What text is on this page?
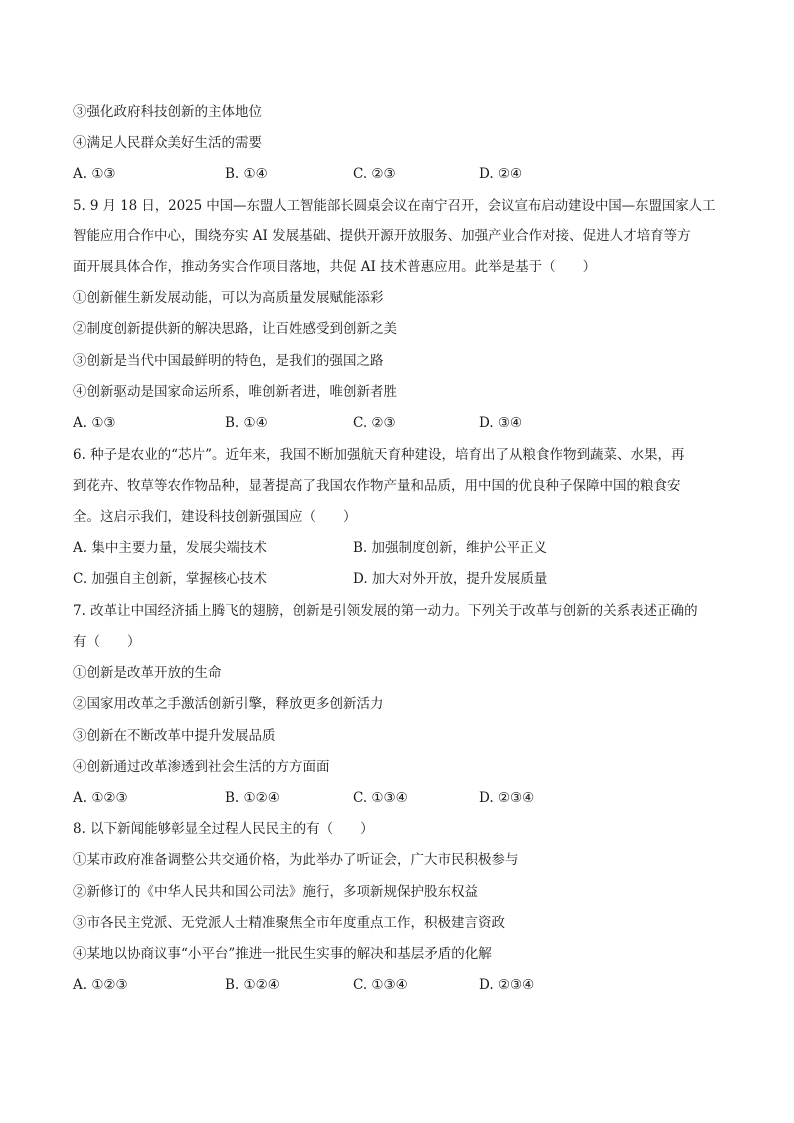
③强化政府科技创新的主体地位
④满足人民群众美好生活的需要
A. ①③	B. ①④	C. ②③	D. ②④
5. 9 月 18 日，2025 中国—东盟人工智能部长圆桌会议在南宁召开，会议宣布启动建设中国—东盟国家人工
智能应用合作中心，围绕夯实 AI 发展基础、提供开源开放服务、加强产业合作对接、促进人才培育等方
面开展具体合作，推动务实合作项目落地，共促 AI 技术普惠应用。此举是基于（　　）
①创新催生新发展动能，可以为高质量发展赋能添彩
②制度创新提供新的解决思路，让百姓感受到创新之美
③创新是当代中国最鲜明的特色，是我们的强国之路
④创新驱动是国家命运所系，唯创新者进，唯创新者胜
A. ①③	B. ①④	C. ②③	D. ③④
6. 种子是农业的“芯片”。近年来，我国不断加强航天育种建设，培育出了从粮食作物到蔬菜、水果，再
到花卉、牧草等农作物品种，显著提高了我国农作物产量和品质，用中国的优良种子保障中国的粮食安
全。这启示我们，建设科技创新强国应（　　）
A. 集中主要力量，发展尖端技术	B. 加强制度创新，维护公平正义
C. 加强自主创新，掌握核心技术	D. 加大对外开放，提升发展质量
7. 改革让中国经济插上腾飞的翅膀，创新是引领发展的第一动力。下列关于改革与创新的关系表述正确的
有（　　）
①创新是改革开放的生命
②国家用改革之手激活创新引擎，释放更多创新活力
③创新在不断改革中提升发展品质
④创新通过改革渗透到社会生活的方方面面
A. ①②③	B. ①②④	C. ①③④	D. ②③④
8. 以下新闻能够彰显全过程人民民主的有（　　）
①某市政府准备调整公共交通价格，为此举办了听证会，广大市民积极参与
②新修订的《中华人民共和国公司法》施行，多项新规保护股东权益
③市各民主党派、无党派人士精准聚焦全市年度重点工作，积极建言资政
④某地以协商议事“小平台”推进一批民生实事的解决和基层矛盾的化解
A. ①②③	B. ①②④	C. ①③④	D. ②③④
